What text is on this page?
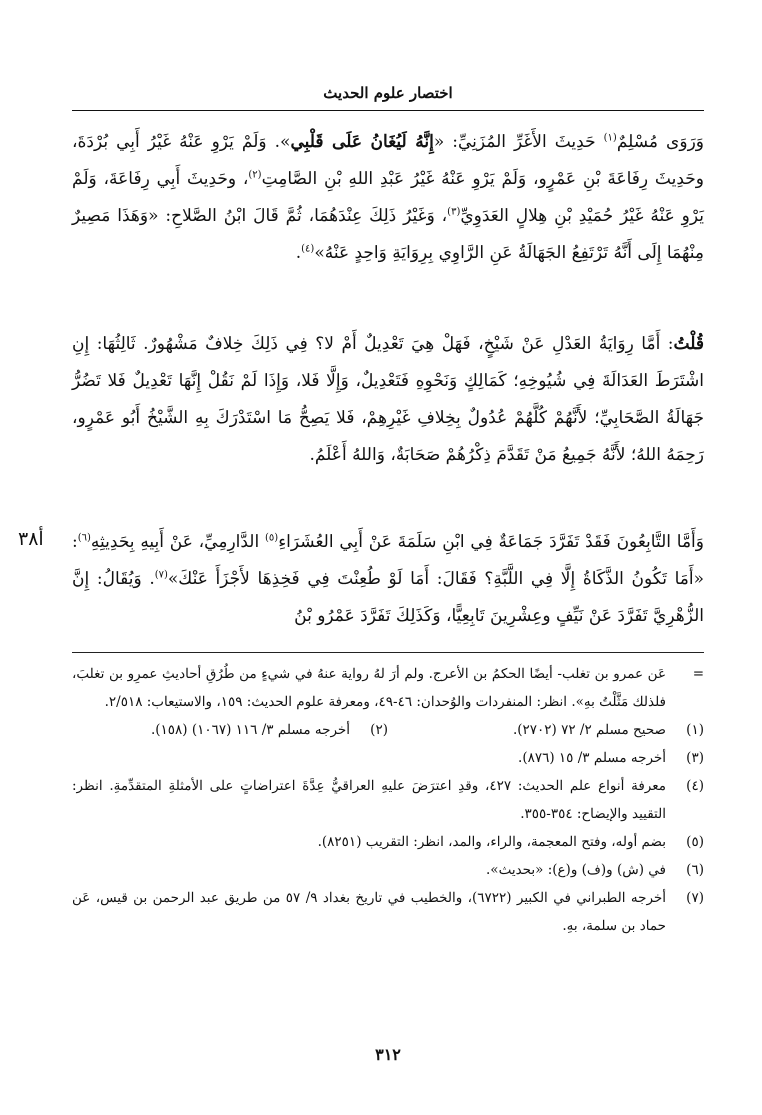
اختصار علوم الحديث
وَرَوَى مُسْلِمٌ$^{(١)}$ حَدِيثَ الأَغَرِّ المُزَنِيِّ: «إِنَّهُ لَيُغَانُ عَلَى قَلْبِي». وَلَمْ يَرْوِ عَنْهُ غَيْرُ أَبِي بُرْدَةَ، وحَدِيثَ رِفَاعَةَ بْنِ عَمْرٍو، وَلَمْ يَرْوِ عَنْهُ غَيْرُ عَبْدِ اللهِ بْنِ الصَّامِتِ$^{(٢)}$، وحَدِيثَ أَبِي رِفَاعَةَ، وَلَمْ يَرْوِ عَنْهُ غَيْرُ حُمَيْدِ بْنِ هِلالٍ العَدَوِيِّ$^{(٣)}$، وَغَيْرُ ذَلِكَ عِنْدَهُمَا، ثُمَّ قَالَ ابْنُ الصَّلاحِ: «وَهَذَا مَصِيرٌ مِنْهُمَا إِلَى أَنَّهُ تَرْتَفِعُ الجَهَالَةُ عَنِ الرَّاوِي بِرِوَايَةِ وَاحِدٍ عَنْهُ»$^{(٤)}$.
قُلْتُ: أَمَّا رِوَايَةُ العَدْلِ عَنْ شَيْخٍ، فَهَلْ هِيَ تَعْدِيلٌ أَمْ لا؟ فِي ذَلِكَ خِلافٌ مَشْهُورٌ. ثَالِثُهَا: إِنِ اشْتَرَطَ العَدَالَةَ فِي شُيُوخِهِ؛ كَمَالِكٍ وَنَحْوِهِ فَتَعْدِيلٌ، وَإِلَّا فَلا، وَإِذَا لَمْ نَقُلْ إِنَّهَا تَعْدِيلٌ فَلا تَضُرُّ جَهَالَةُ الصَّحَابِيِّ؛ لأَنَّهُمْ كُلَّهُمْ عُدُولٌ بِخِلافِ غَيْرِهِمْ، فَلا يَصِحُّ مَا اسْتَدْرَكَ بِهِ الشَّيْخُ أَبُو عَمْرٍو، رَحِمَهُ اللهُ؛ لأَنَّهُ جَمِيعُ مَنْ تَقَدَّمَ ذِكْرُهُمْ صَحَابَةٌ، وَاللهُ أَعْلَمُ.
أ٣٨	وَأَمَّا التَّابِعُونَ فَقَدْ تَفَرَّدَ جَمَاعَةٌ فِي ابْنِ سَلَمَةَ عَنْ أَبِي العُشَرَاءِ$^{(٥)}$ الدَّارِمِيِّ، عَنْ أَبِيهِ بِحَدِيثِهِ$^{(٦)}$: «أَمَا تَكُونُ الذَّكَاةُ إِلَّا فِي اللَّبَّةِ؟ فَقَالَ: أَمَا لَوْ طُعِنْتَ فِي فَخِذِهَا لأَجْزَأَ عَنْكَ»$^{(٧)}$. وَيُقَالُ: إِنَّ الزُّهْرِيَّ تَفَرَّدَ عَنْ نَيِّفٍ وعِشْرِينَ تَابِعِيًّا، وَكَذَلِكَ تَفَرَّدَ عَمْرُو بْنُ
=
عَن عمرو بن تغلب- أيضًا الحكمُ بن الأعرج. ولم أرَ لهُ رواية عنهُ في شيءٍ من طُرُقِ أحاديثِ عمرِو بن تغلبَ، فلذلك مَثَّلْتُ بهِ». انظر: المنفردات والوُحدان: ٤٦-٤٩، ومعرفة علوم الحديث: ١٥٩، والاستيعاب: ٢/٥١٨.
(١)
صحيح مسلم ٢/ ٧٢ (٢٧٠٢).
(٢)
أخرجه مسلم ٣/ ١١٦ (١٠٦٧) (١٥٨).
(٣)
أخرجه مسلم ٣/ ١٥ (٨٧٦).
(٤)
معرفة أنواع علم الحديث: ٤٢٧، وقدِ اعترَضَ عليهِ العراقيُّ عِدَّةَ اعتراضاتٍ على الأمثلةِ المتقدِّمةِ. انظر: التقييد والإيضاح: ٣٥٤-٣٥٥.
(٥)
بضم أوله، وفتح المعجمة، والراء، والمد، انظر: التقريب (٨٢٥١).
(٦)
في (ش) و(ف) و(ع): «بحديث».
(٧)
أخرجه الطبراني في الكبير (٦٧٢٢)، والخطيب في تاريخ بغداد ٩/ ٥٧ من طريق عبد الرحمن بن قيس، عَن حماد بن سلمة، بهِ.
٣١٢
